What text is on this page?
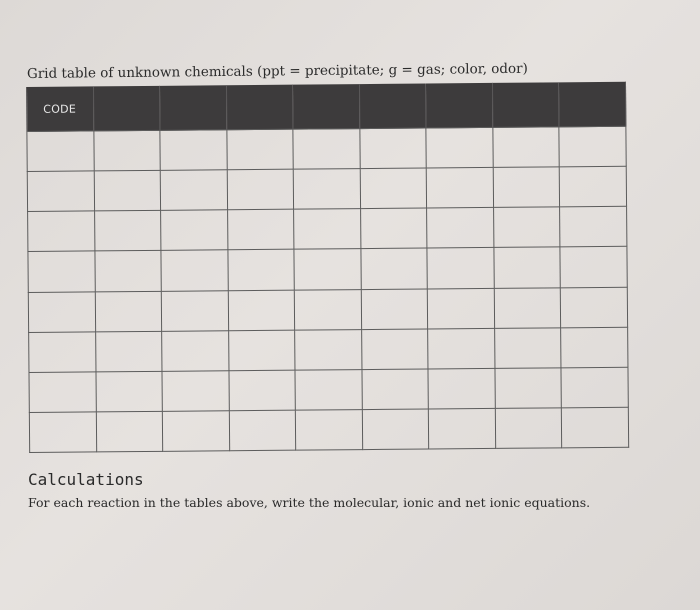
Grid table of unknown chemicals (ppt = precipitate; g = gas; color, odor)
CODE								

Calculations
For each reaction in the tables above, write the molecular, ionic and net ionic equations.
